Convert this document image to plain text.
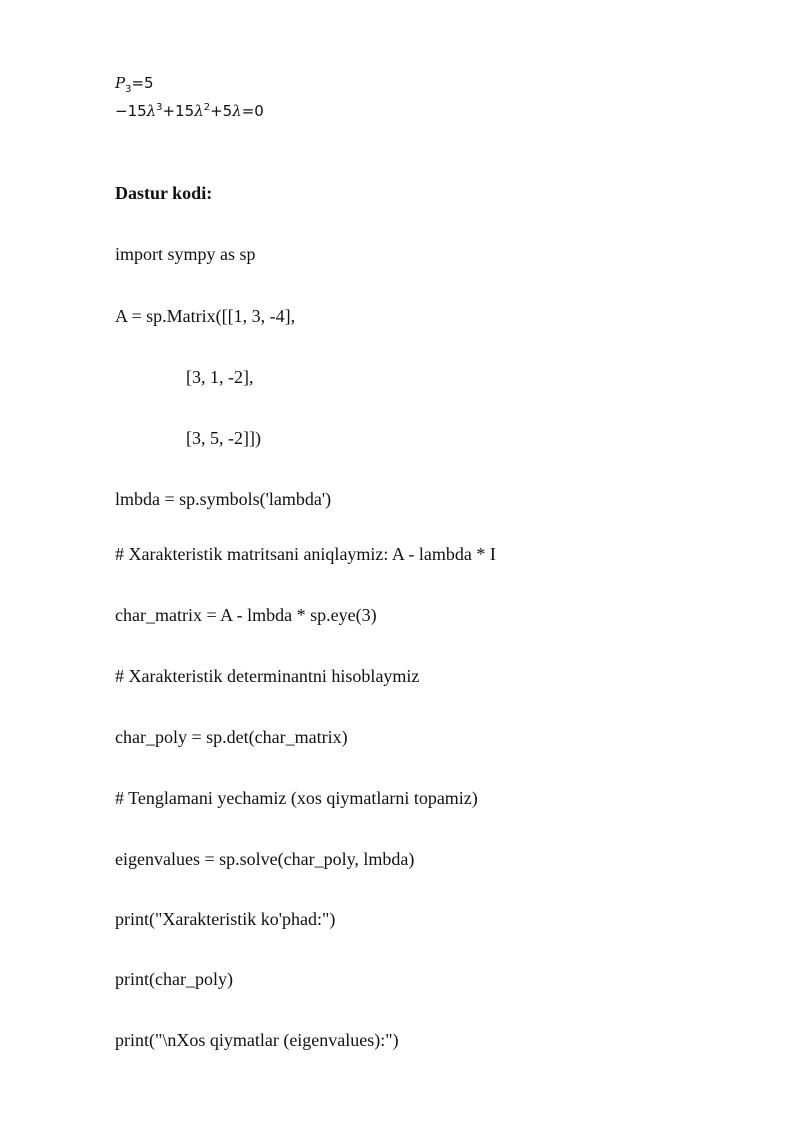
$P_3=5$
$-15\lambda^3+15\lambda^2+5\lambda=0$
Dastur kodi:
import sympy as sp
A = sp.Matrix([[1, 3, -4],
[3, 1, -2],
[3, 5, -2]])
lmbda = sp.symbols('lambda')
# Xarakteristik matritsani aniqlaymiz: A - lambda * I
char_matrix = A - lmbda * sp.eye(3)
# Xarakteristik determinantni hisoblaymiz
char_poly = sp.det(char_matrix)
# Tenglamani yechamiz (xos qiymatlarni topamiz)
eigenvalues = sp.solve(char_poly, lmbda)
print("Xarakteristik ko'phad:")
print(char_poly)
print("\nXos qiymatlar (eigenvalues):")
